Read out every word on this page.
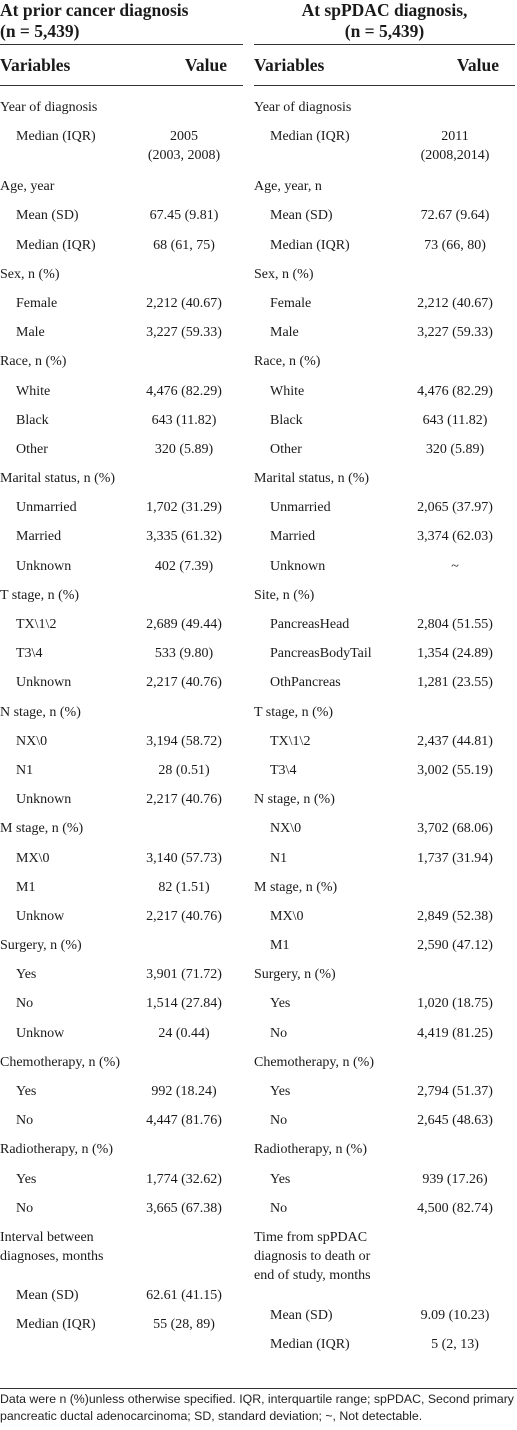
At prior cancer diagnosis
(n = 5,439)
Variables	Value
Year of diagnosis
Median (IQR)	2005
(2003, 2008)
Age, year
Mean (SD)	67.45 (9.81)
Median (IQR)	68 (61, 75)
Sex, n (%)
Female	2,212 (40.67)
Male	3,227 (59.33)
Race, n (%)
White	4,476 (82.29)
Black	643 (11.82)
Other	320 (5.89)
Marital status, n (%)
Unmarried	1,702 (31.29)
Married	3,335 (61.32)
Unknown	402 (7.39)
T stage, n (%)
TX\1\2	2,689 (49.44)
T3\4	533 (9.80)
Unknown	2,217 (40.76)
N stage, n (%)
NX\0	3,194 (58.72)
N1	28 (0.51)
Unknown	2,217 (40.76)
M stage, n (%)
MX\0	3,140 (57.73)
M1	82 (1.51)
Unknow	2,217 (40.76)
Surgery, n (%)
Yes	3,901 (71.72)
No	1,514 (27.84)
Unknow	24 (0.44)
Chemotherapy, n (%)
Yes	992 (18.24)
No	4,447 (81.76)
Radiotherapy, n (%)
Yes	1,774 (32.62)
No	3,665 (67.38)
Interval between
diagnoses, months
Mean (SD)	62.61 (41.15)
Median (IQR)	55 (28, 89)
At spPDAC diagnosis,
(n = 5,439)
Variables	Value
Year of diagnosis
Median (IQR)	2011
(2008,2014)
Age, year, n
Mean (SD)	72.67 (9.64)
Median (IQR)	73 (66, 80)
Sex, n (%)
Female	2,212 (40.67)
Male	3,227 (59.33)
Race, n (%)
White	4,476 (82.29)
Black	643 (11.82)
Other	320 (5.89)
Marital status, n (%)
Unmarried	2,065 (37.97)
Married	3,374 (62.03)
Unknown	~
Site, n (%)
PancreasHead	2,804 (51.55)
PancreasBodyTail	1,354 (24.89)
OthPancreas	1,281 (23.55)
T stage, n (%)
TX\1\2	2,437 (44.81)
T3\4	3,002 (55.19)
N stage, n (%)
NX\0	3,702 (68.06)
N1	1,737 (31.94)
M stage, n (%)
MX\0	2,849 (52.38)
M1	2,590 (47.12)
Surgery, n (%)
Yes	1,020 (18.75)
No	4,419 (81.25)
Chemotherapy, n (%)
Yes	2,794 (51.37)
No	2,645 (48.63)
Radiotherapy, n (%)
Yes	939 (17.26)
No	4,500 (82.74)
Time from spPDAC
diagnosis to death or
end of study, months
Mean (SD)	9.09 (10.23)
Median (IQR)	5 (2, 13)
Data were n (%)unless otherwise specified. IQR, interquartile range; spPDAC, Second primary pancreatic ductal adenocarcinoma; SD, standard deviation; ~, Not detectable.
